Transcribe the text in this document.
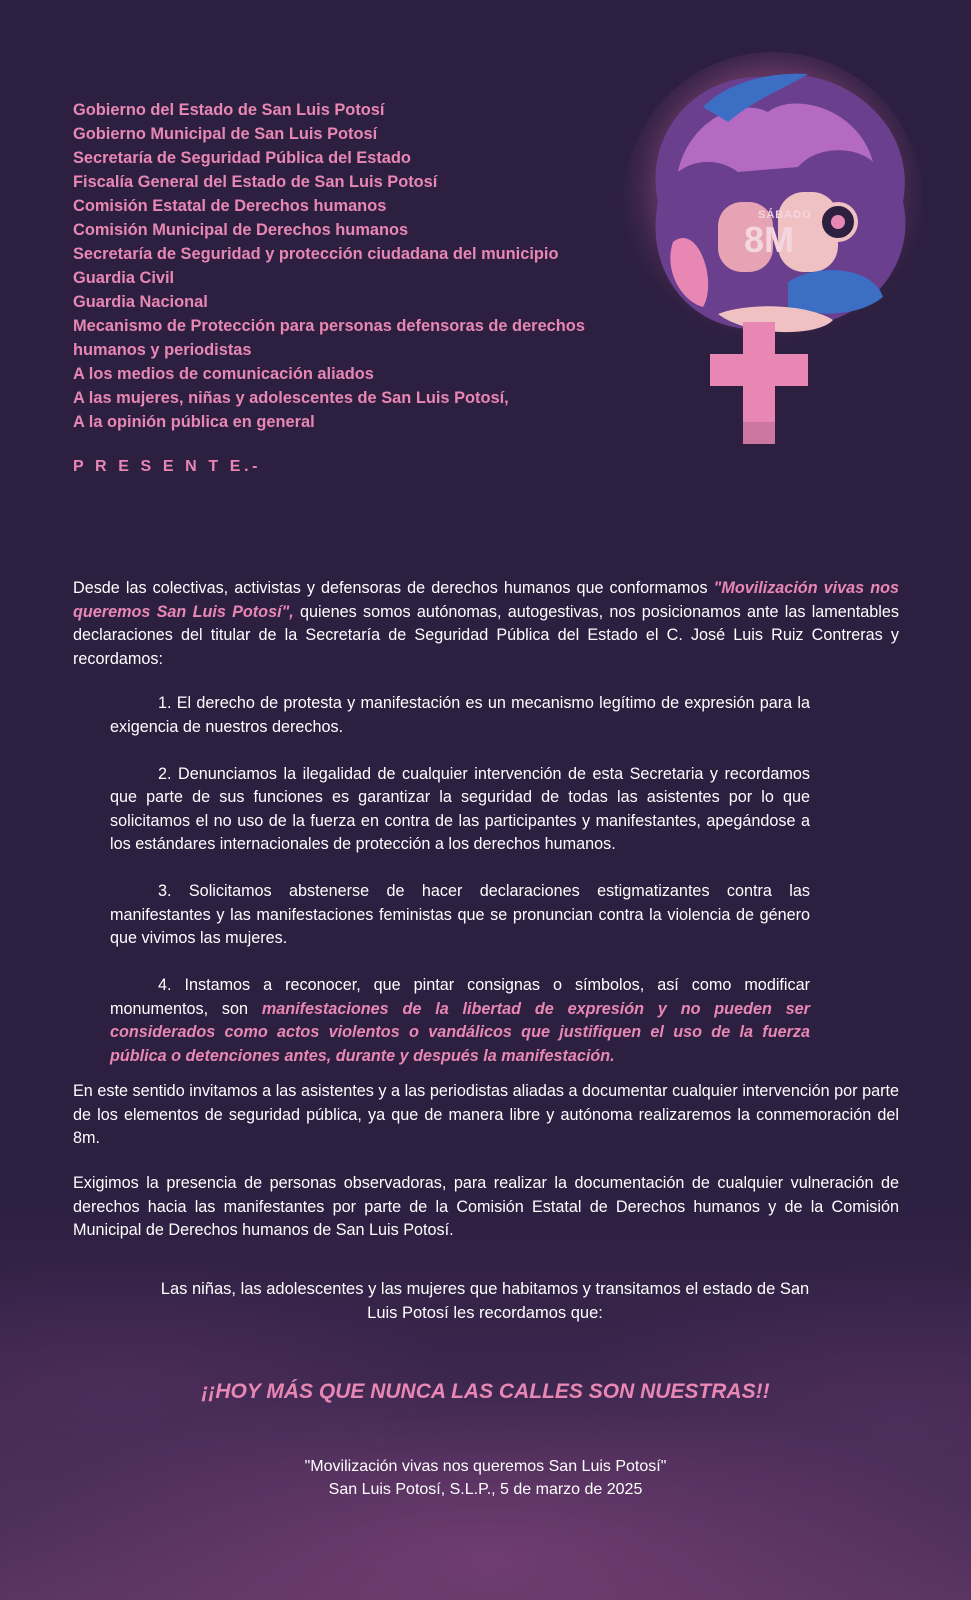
Gobierno del Estado de San Luis Potosí
Gobierno Municipal de San Luis Potosí
Secretaría de Seguridad Pública del Estado
Fiscalía General del Estado de San Luis Potosí
Comisión Estatal de Derechos humanos
Comisión Municipal de Derechos humanos
Secretaría de Seguridad y protección ciudadana del municipio
Guardia Civil
Guardia Nacional
Mecanismo de Protección para personas defensoras de derechos
humanos y periodistas
A los medios de comunicación aliados
A las mujeres, niñas y adolescentes de San Luis Potosí,
A la opinión pública en general
P R E S E N T E.-
SÁBADO
8M

Desde las colectivas, activistas y defensoras de derechos humanos que conformamos "Movilización vivas nos queremos San Luis Potosí", quienes somos autónomas, autogestivas, nos posicionamos ante las lamentables declaraciones del titular de la Secretaría de Seguridad Pública del Estado el C. José Luis Ruiz Contreras y recordamos:

1. El derecho de protesta y manifestación es un mecanismo legítimo de expresión para la exigencia de nuestros derechos.

2. Denunciamos la ilegalidad de cualquier intervención de esta Secretaria y recordamos que parte de sus funciones es garantizar la seguridad de todas las asistentes por lo que solicitamos el no uso de la fuerza en contra de las participantes y manifestantes, apegándose a los estándares internacionales de protección a los derechos humanos.

3. Solicitamos abstenerse de hacer declaraciones estigmatizantes contra las manifestantes y las manifestaciones feministas que se pronuncian contra la violencia de género que vivimos las mujeres.

4. Instamos a reconocer, que pintar consignas o símbolos, así como modificar monumentos, son manifestaciones de la libertad de expresión y no pueden ser considerados como actos violentos o vandálicos que justifiquen el uso de la fuerza pública o detenciones antes, durante y después la manifestación.

En este sentido invitamos a las asistentes y a las periodistas aliadas a documentar cualquier intervención por parte de los elementos de seguridad pública, ya que de manera libre y autónoma realizaremos la conmemoración del 8m.

Exigimos la presencia de personas observadoras, para realizar la documentación de cualquier vulneración de derechos hacia las manifestantes por parte de la Comisión Estatal de Derechos humanos y de la Comisión Municipal de Derechos humanos de San Luis Potosí.

Las niñas, las adolescentes y las mujeres que habitamos y transitamos el estado de San Luis Potosí les recordamos que:

¡¡HOY MÁS QUE NUNCA LAS CALLES SON NUESTRAS!!
"Movilización vivas nos queremos San Luis Potosí"
San Luis Potosí, S.L.P., 5 de marzo de 2025
